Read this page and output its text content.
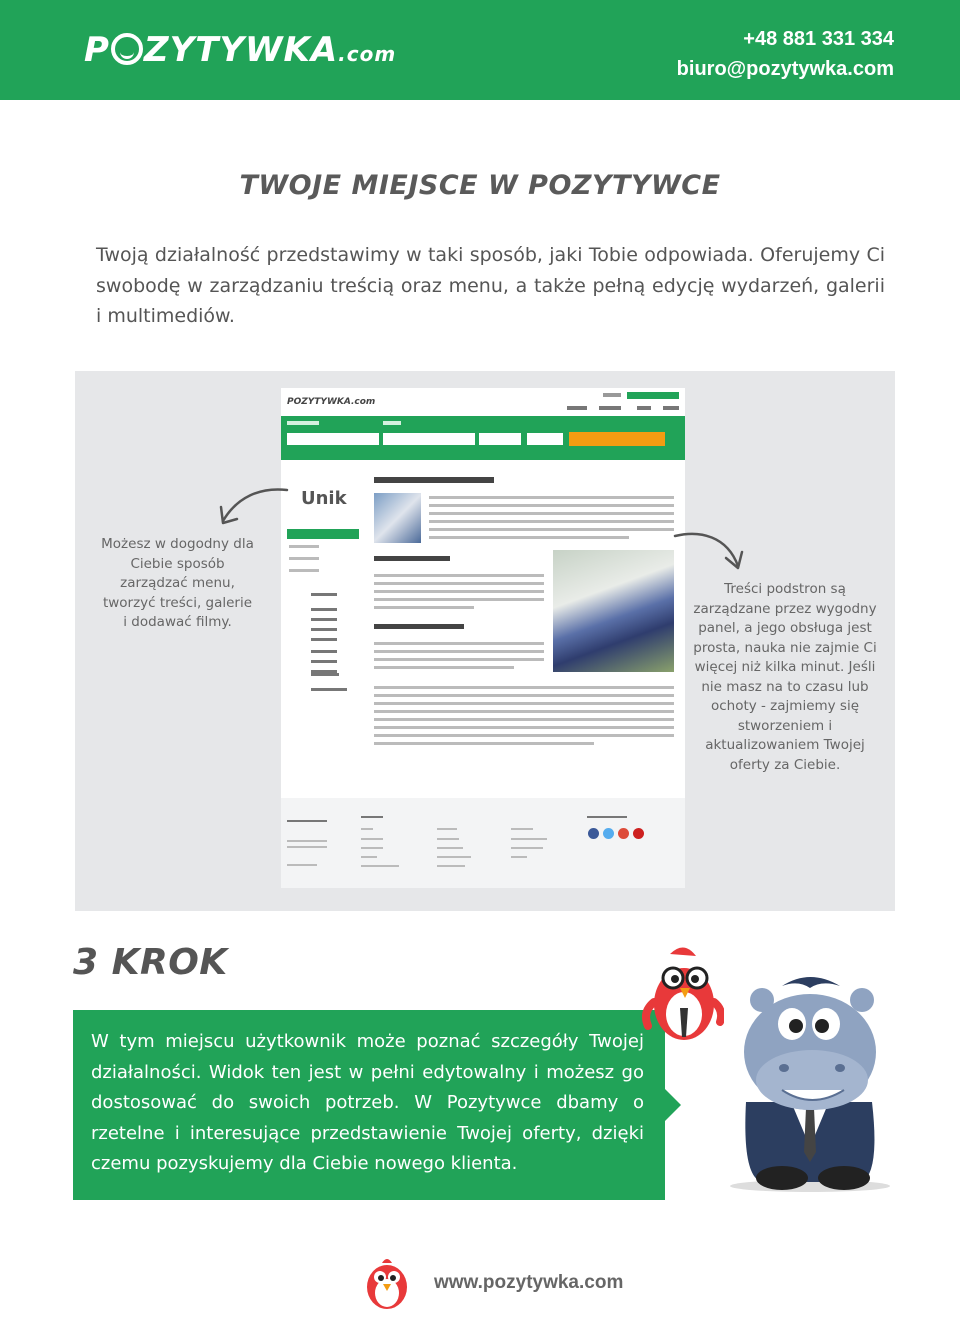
P ZYTYWKA.com
+48 881 331 334
biuro@pozytywka.com
TWOJE MIEJSCE W POZYTYWCE
Twoją działalność przedstawimy w taki sposób, jaki Tobie odpowiada. Oferujemy Ci swobodę w zarządzaniu treścią oraz menu, a także pełną edycję wydarzeń, galerii i multimediów.
POZYTYWKA.com
Unik
Możesz w dogodny dla Ciebie sposób zarządzać menu, tworzyć treści, galerie i dodawać filmy.
Treści podstron są zarządzane przez wygodny panel, a jego obsługa jest prosta, nauka nie zajmie Ci więcej niż kilka minut. Jeśli nie masz na to czasu lub ochoty - zajmiemy się stworzeniem i aktualizowaniem Twojej oferty za Ciebie.
3 KROK

W tym miejscu użytkownik może poznać szczegóły Twojej działalności. Widok ten jest w pełni edytowalny i możesz go dostosować do swoich potrzeb. W Pozytywce dbamy o rzetelne i interesujące przedstawienie Twojej oferty, dzięki czemu pozyskujemy dla Ciebie nowego klienta.

www.pozytywka.com
